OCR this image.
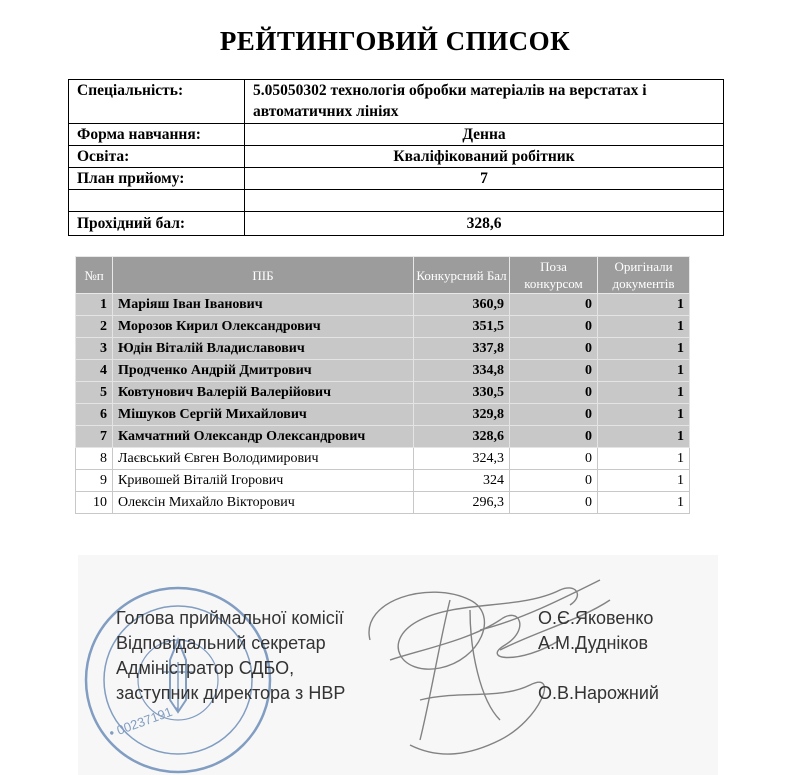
РЕЙТИНГОВИЙ СПИСОК
Спеціальність:	5.05050302 технологія обробки матеріалів на верстатах і автоматичних лініях
Форма навчання:	Денна
Освіта:	Кваліфікований робітник
План прийому:	7

Прохідний бал:	328,6
№п	ПІБ	Конкурсний Бал	Поза конкурсом	Оригінали документів
1	Маріяш Іван Іванович	360,9	0	1
2	Морозов Кирил Олександрович	351,5	0	1
3	Юдін Віталій Владиславович	337,8	0	1
4	Продченко Андрій Дмитрович	334,8	0	1
5	Ковтунович Валерій Валерійович	330,5	0	1
6	Мішуков Сергій Михайлович	329,8	0	1
7	Камчатний Олександр Олександрович	328,6	0	1
8	Лаєвський Євген Володимирович	324,3	0	1
9	Кривошей Віталій Ігорович	324	0	1
10	Олексін Михайло Вікторович	296,3	0	1
• 00237191 •
Голова приймальної комісії
Відповідальний секретар
Адміністратор СДБО,
заступник директора з НВР
О.Є.Яковенко
А.М.Дудніков
О.В.Нарожний
